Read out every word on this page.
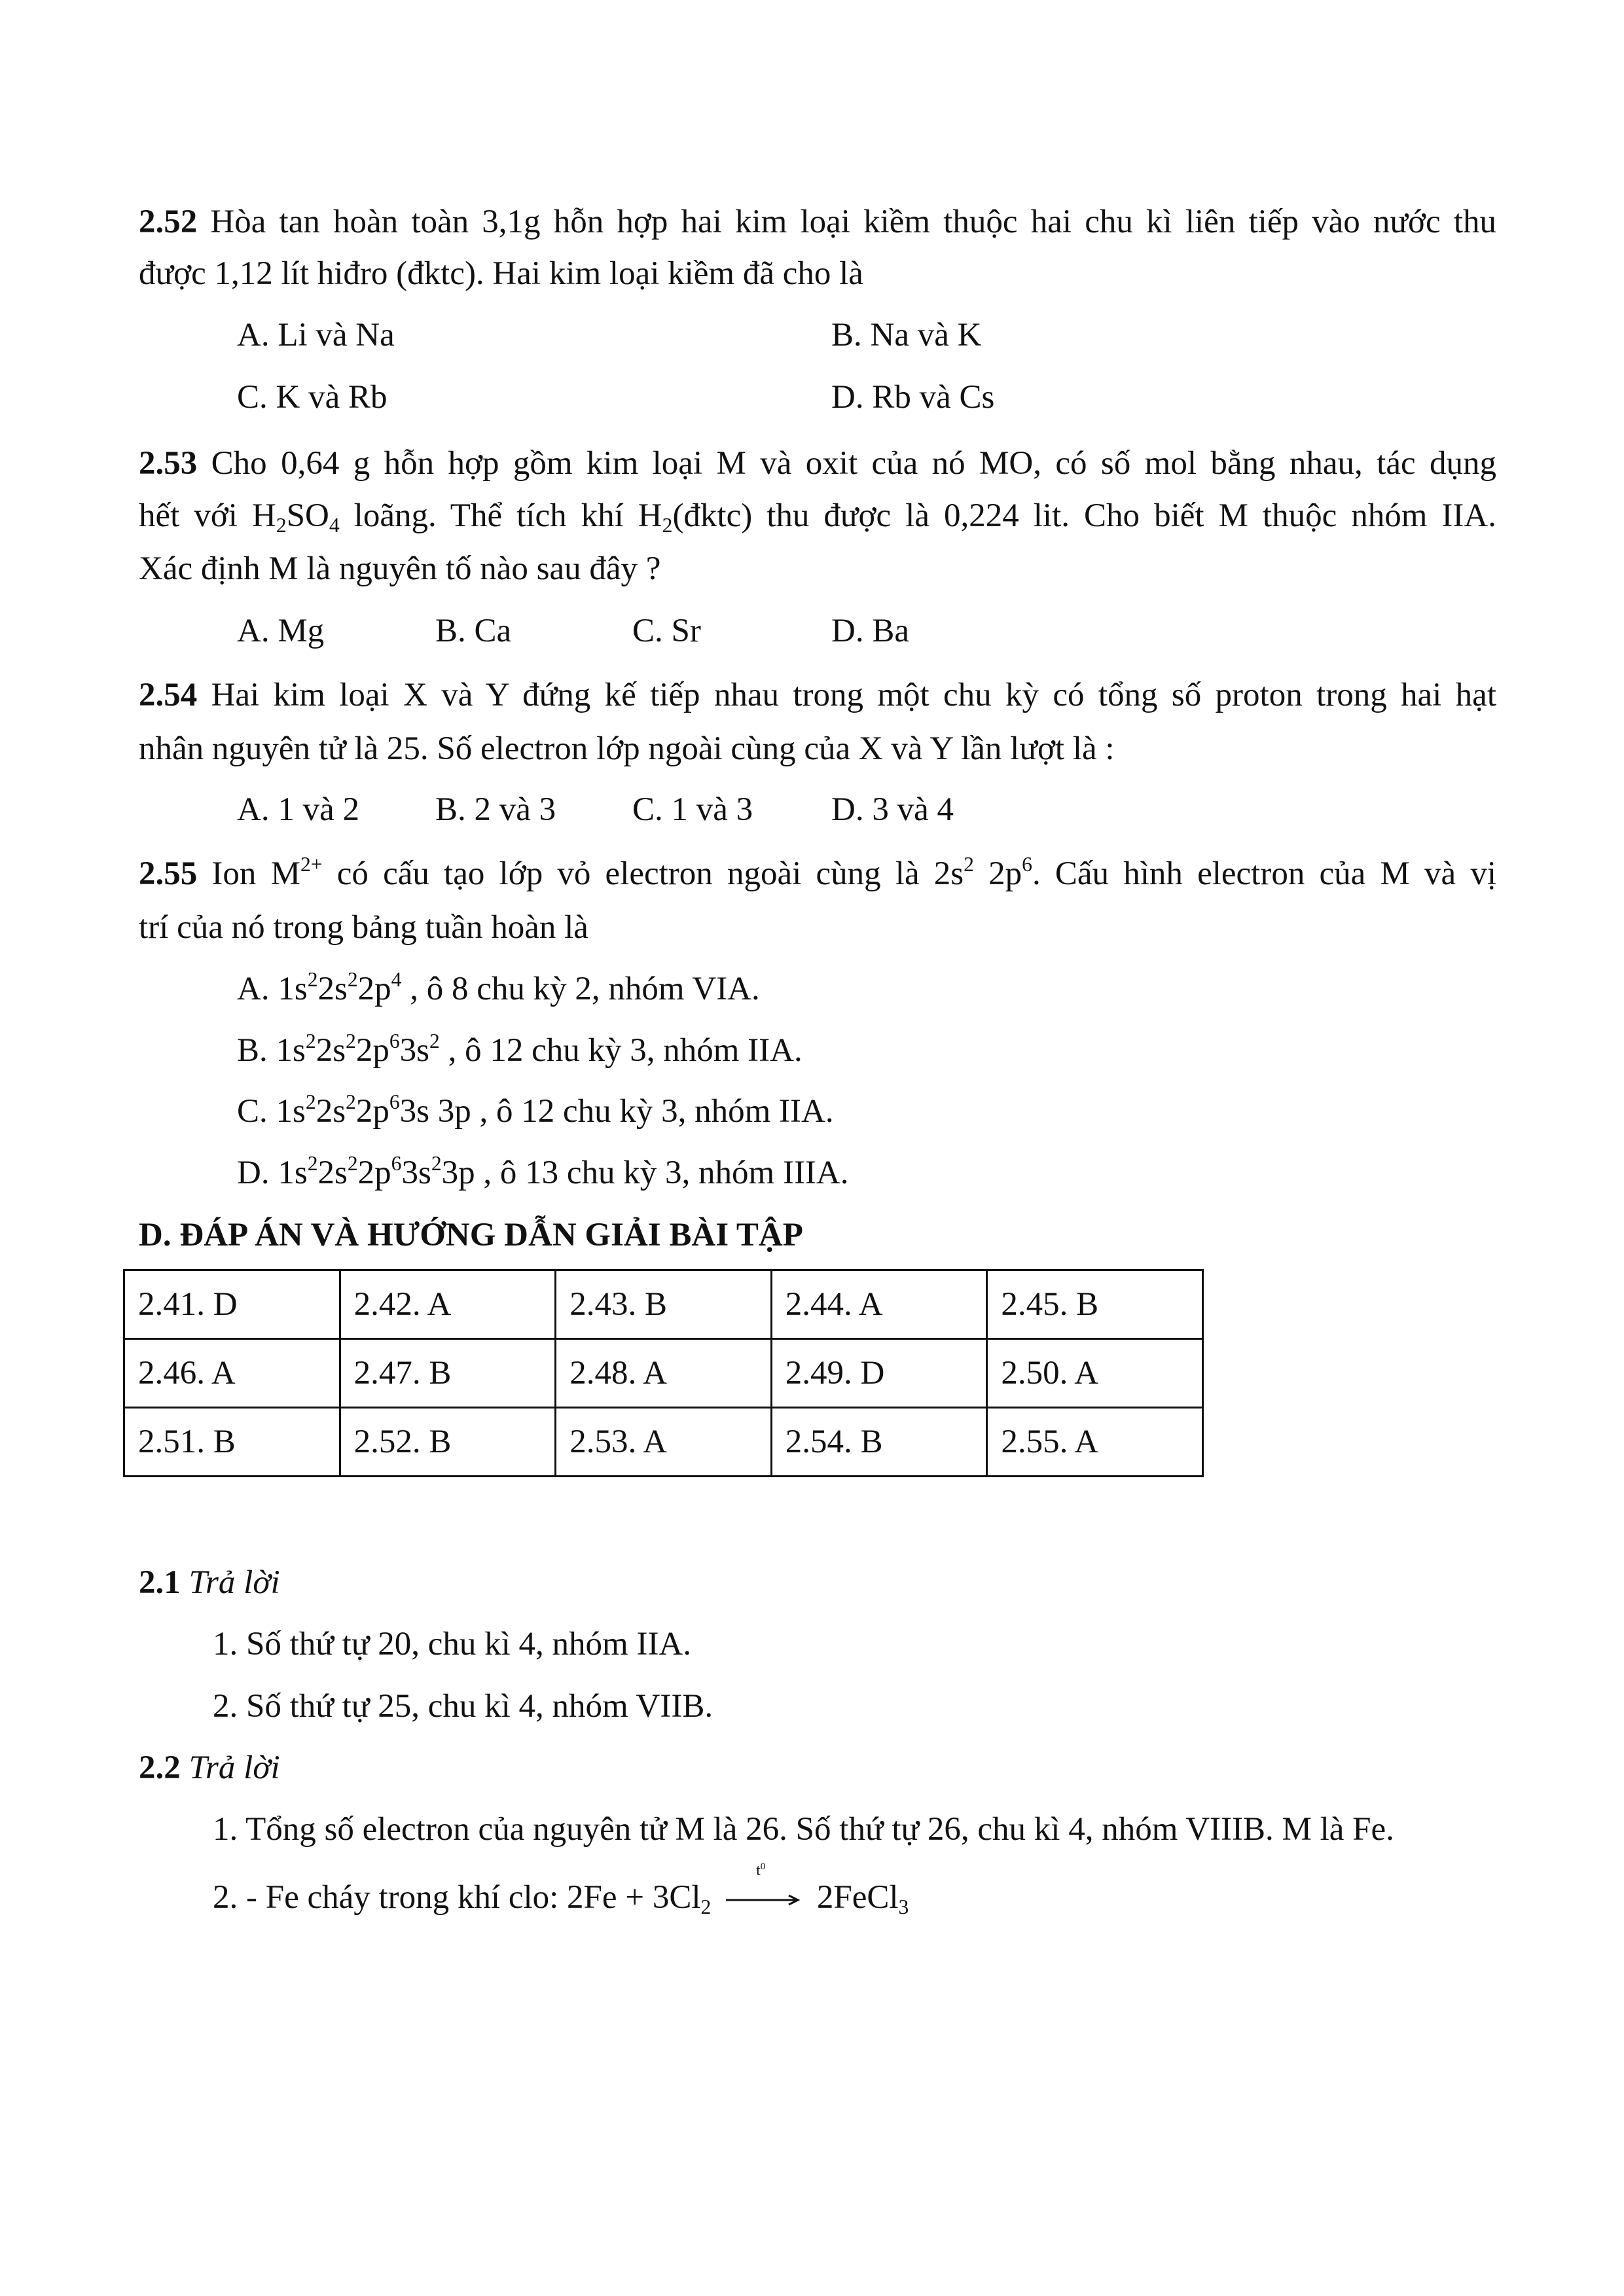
2.52 Hòa tan hoàn toàn 3,1g hỗn hợp hai kim loại kiềm thuộc hai chu kì liên tiếp vào nước thu
được 1,12 lít hiđro (đktc). Hai kim loại kiềm đã cho là
A. Li và Na	B. Na và K
C. K và Rb	D. Rb và Cs
2.53 Cho 0,64 g hỗn hợp gồm kim loại M và oxit của nó MO, có số mol bằng nhau, tác dụng
hết với H2SO4 loãng. Thể tích khí H2(đktc) thu được là 0,224 lit. Cho biết M thuộc nhóm IIA.
Xác định M là nguyên tố nào sau đây ?
A. Mg	B. Ca	C. Sr	D. Ba
2.54 Hai kim loại X và Y đứng kế tiếp nhau trong một chu kỳ có tổng số proton trong hai hạt
nhân nguyên tử là 25. Số electron lớp ngoài cùng của X và Y lần lượt là :
A. 1 và 2 B. 2 và 3 C. 1 và 3 D. 3 và 4
2.55 Ion $M^{2+}$ có cấu tạo lớp vỏ electron ngoài cùng là $2s^2$ $2p^6$. Cấu hình electron của M và vị
trí của nó trong bảng tuần hoàn là
A. $1s^22s^22p^4$ , ô 8 chu kỳ 2, nhóm VIA.
B. $1s^22s^22p^63s^2$ , ô 12 chu kỳ 3, nhóm IIA.
C. $1s^22s^22p^63s$ 3p , ô 12 chu kỳ 3, nhóm IIA.
D. $1s^22s^22p^63s^23p$ , ô 13 chu kỳ 3, nhóm IIIA.
D. ĐÁP ÁN VÀ HƯỚNG DẪN GIẢI BÀI TẬP
2.41. D	2.42. A	2.43. B	2.44. A	2.45. B
2.46. A	2.47. B	2.48. A	2.49. D	2.50. A
2.51. B	2.52. B	2.53. A	2.54. B	2.55. A
2.1 Trả lời
1. Số thứ tự 20, chu kì 4, nhóm IIA.
2. Số thứ tự 25, chu kì 4, nhóm VIIB.
2.2 Trả lời
1. Tổng số electron của nguyên tử M là 26. Số thứ tự 26, chu kì 4, nhóm VIIIB. M là Fe.
2. - Fe cháy trong khí clo: 2Fe + 3Cl2
$t^0$
2FeCl3
